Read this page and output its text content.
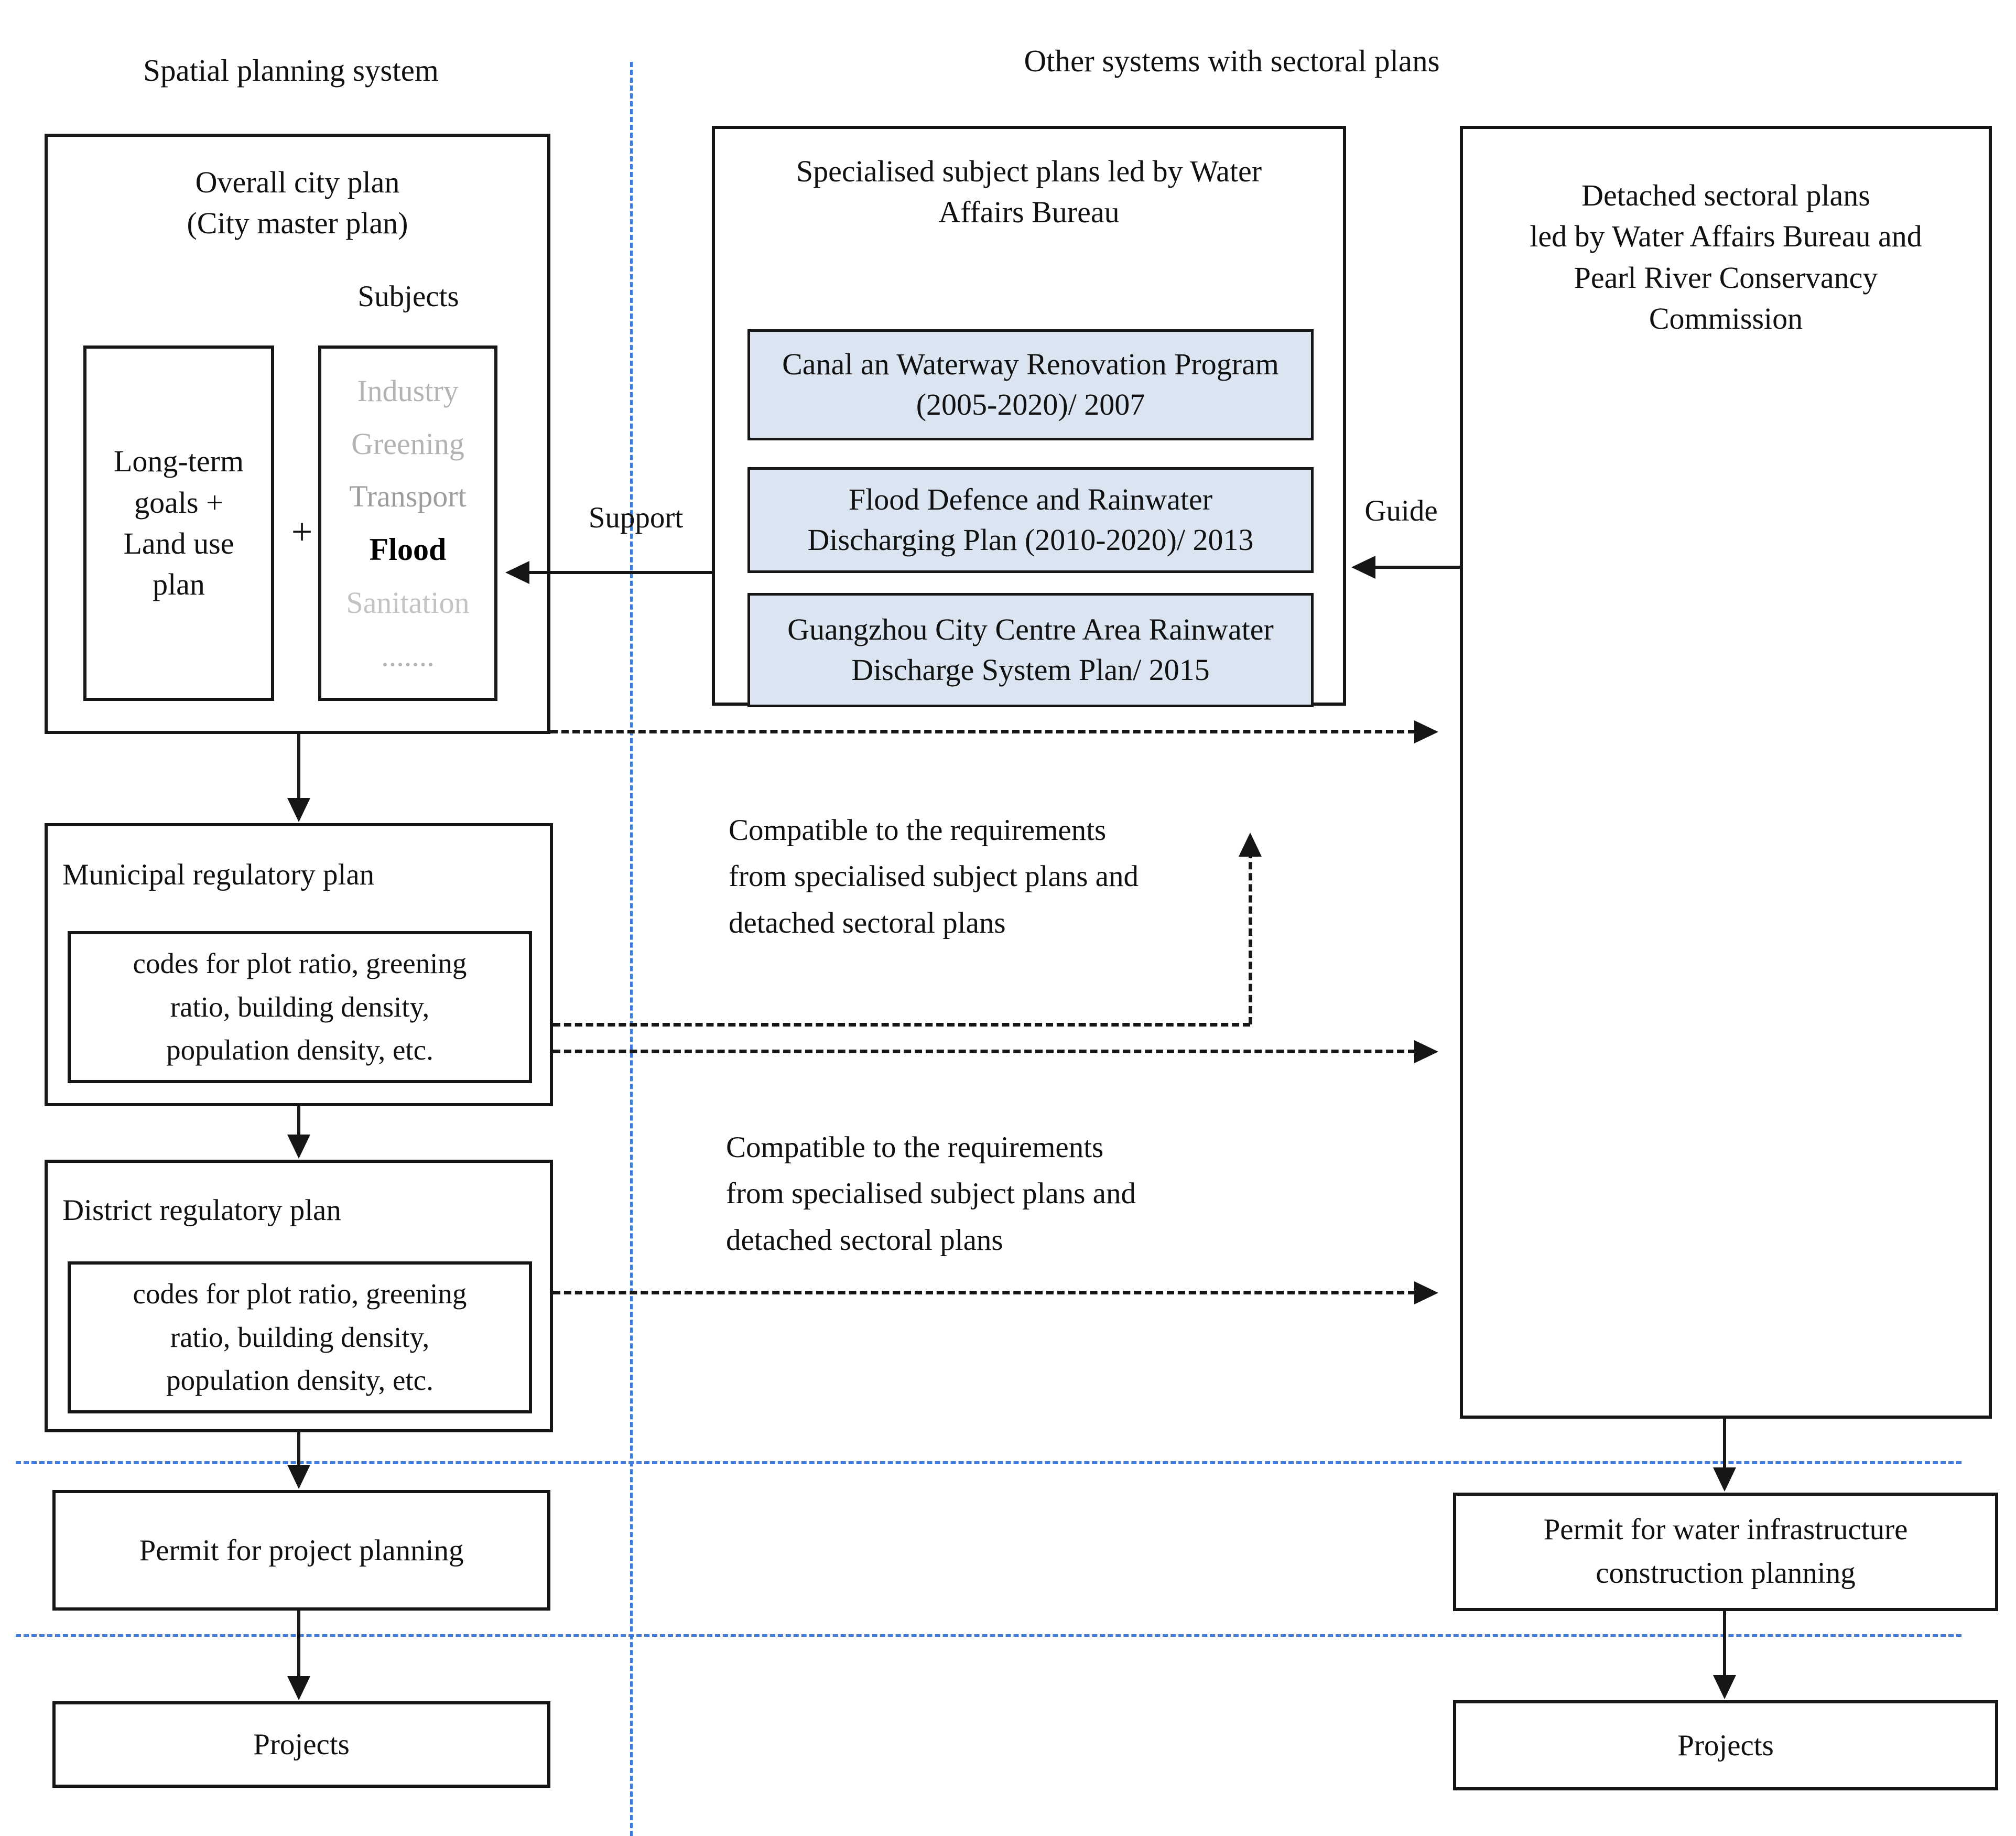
Spatial planning system	Other systems with sectoral plans
Overall city plan
(City master plan)
Subjects
Long-term
goals +
Land use
plan
+
Industry
Greening
Transport
Flood
Sanitation
.......
Municipal regulatory plan
codes for plot ratio, greening
ratio, building density,
population density, etc.
District regulatory plan
codes for plot ratio, greening
ratio, building density,
population density, etc.
Permit for project planning
Projects
Specialised subject plans led by Water
Affairs Bureau
Canal an Waterway Renovation Program
(2005-2020)/ 2007
Flood Defence and Rainwater
Discharging Plan (2010-2020)/ 2013
Guangzhou City Centre Area Rainwater
Discharge System Plan/ 2015
Detached sectoral plans
led by Water Affairs Bureau and
Pearl River Conservancy
Commission
Permit for water infrastructure
construction planning
Projects
Support	Guide
Compatible to the requirements
from specialised subject plans and
detached sectoral plans
Compatible to the requirements
from specialised subject plans and
detached sectoral plans
